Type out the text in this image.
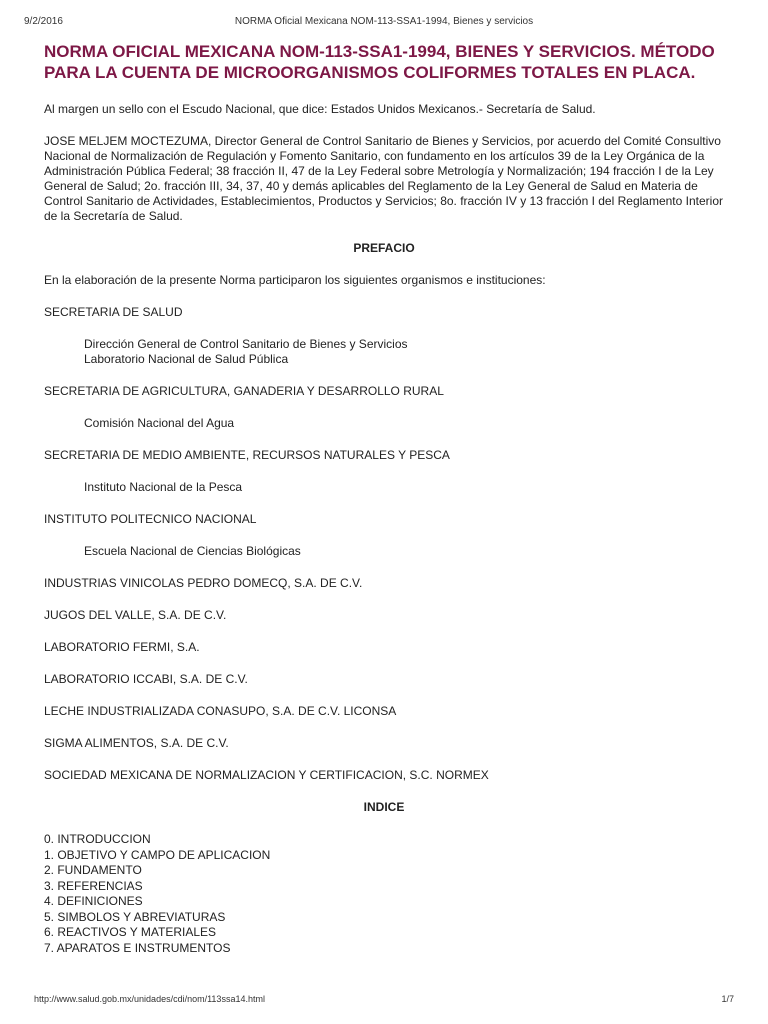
9/2/2016	NORMA Oficial Mexicana NOM-113-SSA1-1994, Bienes y servicios
NORMA OFICIAL MEXICANA NOM-113-SSA1-1994, BIENES Y SERVICIOS. MÉTODO PARA LA CUENTA DE MICROORGANISMOS COLIFORMES TOTALES EN PLACA.

Al margen un sello con el Escudo Nacional, que dice: Estados Unidos Mexicanos.- Secretaría de Salud.

JOSE MELJEM MOCTEZUMA, Director General de Control Sanitario de Bienes y Servicios, por acuerdo del Comité Consultivo Nacional de Normalización de Regulación y Fomento Sanitario, con fundamento en los artículos 39 de la Ley Orgánica de la Administración Pública Federal; 38 fracción II, 47 de la Ley Federal sobre Metrología y Normalización; 194 fracción I de la Ley General de Salud; 2o. fracción III, 34, 37, 40 y demás aplicables del Reglamento de la Ley General de Salud en Materia de Control Sanitario de Actividades, Establecimientos, Productos y Servicios; 8o. fracción IV y 13 fracción I del Reglamento Interior de la Secretaría de Salud.

PREFACIO

En la elaboración de la presente Norma participaron los siguientes organismos e instituciones:

SECRETARIA DE SALUD
Dirección General de Control Sanitario de Bienes y Servicios
Laboratorio Nacional de Salud Pública
SECRETARIA DE AGRICULTURA, GANADERIA Y DESARROLLO RURAL
Comisión Nacional del Agua
SECRETARIA DE MEDIO AMBIENTE, RECURSOS NATURALES Y PESCA
Instituto Nacional de la Pesca
INSTITUTO POLITECNICO NACIONAL
Escuela Nacional de Ciencias Biológicas
INDUSTRIAS VINICOLAS PEDRO DOMECQ, S.A. DE C.V.
JUGOS DEL VALLE, S.A. DE C.V.
LABORATORIO FERMI, S.A.
LABORATORIO ICCABI, S.A. DE C.V.
LECHE INDUSTRIALIZADA CONASUPO, S.A. DE C.V. LICONSA
SIGMA ALIMENTOS, S.A. DE C.V.
SOCIEDAD MEXICANA DE NORMALIZACION Y CERTIFICACION, S.C. NORMEX
INDICE
0. INTRODUCCION
1. OBJETIVO Y CAMPO DE APLICACION
2. FUNDAMENTO
3. REFERENCIAS
4. DEFINICIONES
5. SIMBOLOS Y ABREVIATURAS
6. REACTIVOS Y MATERIALES
7. APARATOS E INSTRUMENTOS
http://www.salud.gob.mx/unidades/cdi/nom/113ssa14.html	1/7
